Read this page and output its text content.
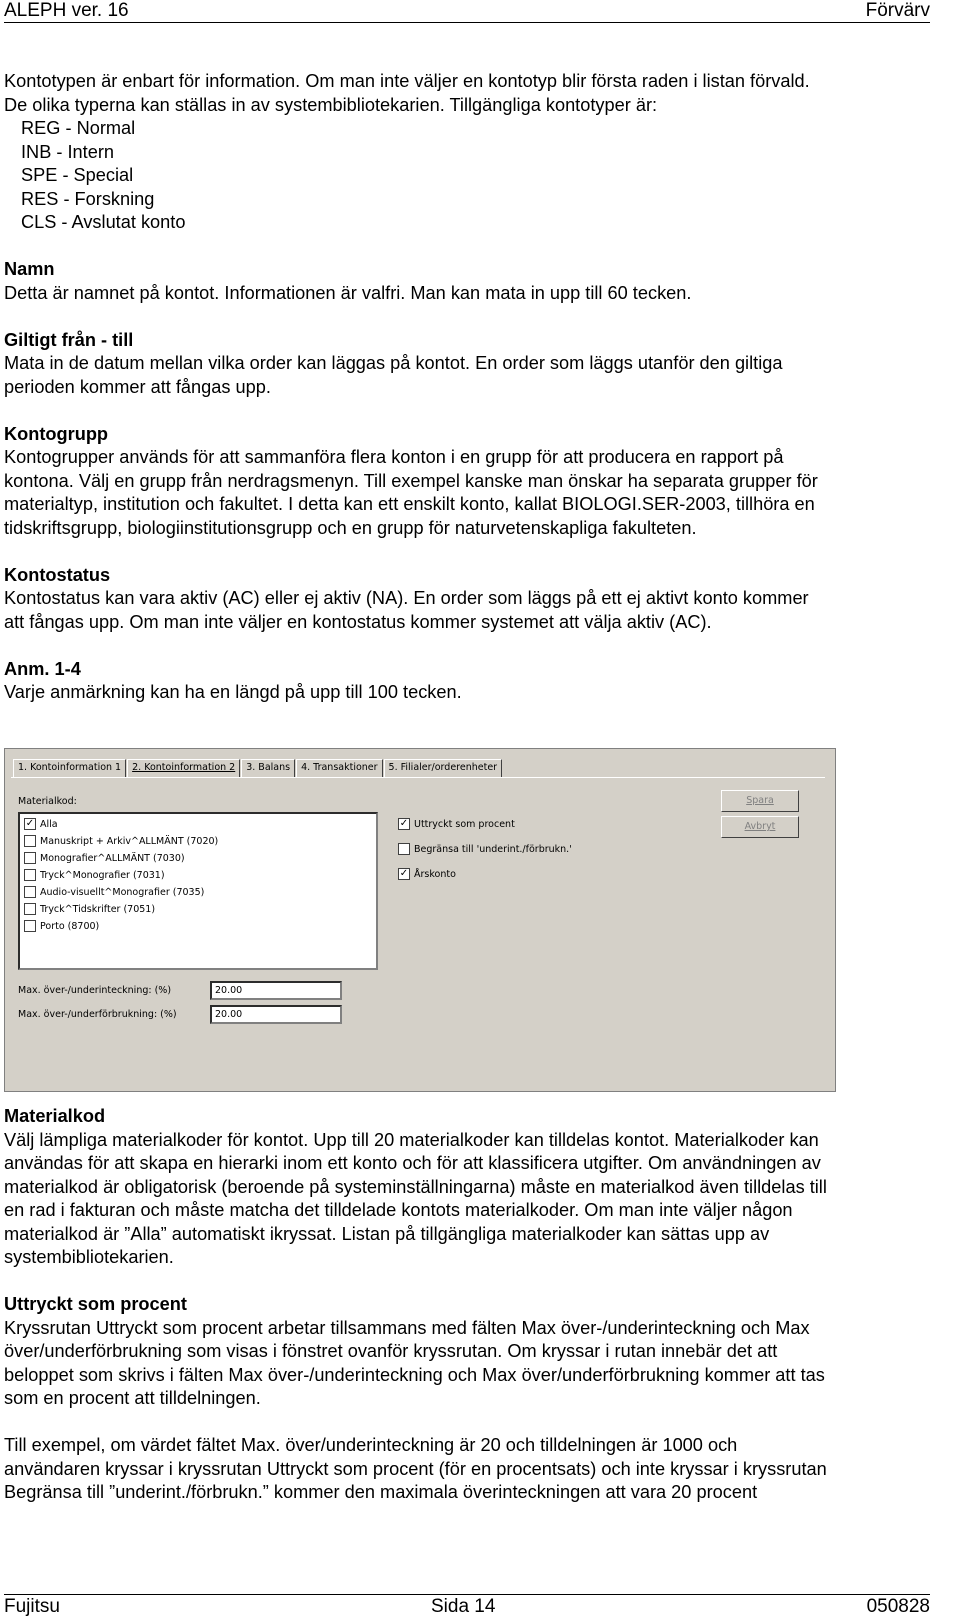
ALEPH ver. 16	Förvärv

Kontotypen är enbart för information. Om man inte väljer en kontotyp blir första raden i listan förvald.

De olika typerna kan ställas in av systembibliotekarien. Tillgängliga kontotyper är:

REG - Normal

INB - Intern

SPE - Special

RES - Forskning

CLS - Avslutat konto

Namn

Detta är namnet på kontot. Informationen är valfri. Man kan mata in upp till 60 tecken.

Giltigt från - till

Mata in de datum mellan vilka order kan läggas på kontot. En order som läggs utanför den giltiga

perioden kommer att fångas upp.

Kontogrupp

Kontogrupper används för att sammanföra flera konton i en grupp för att producera en rapport på

kontona. Välj en grupp från nerdragsmenyn. Till exempel kanske man önskar ha separata grupper för

materialtyp, institution och fakultet. I detta kan ett enskilt konto, kallat BIOLOGI.SER-2003, tillhöra en

tidskriftsgrupp, biologiinstitutionsgrupp och en grupp för naturvetenskapliga fakulteten.

Kontostatus

Kontostatus kan vara aktiv (AC) eller ej aktiv (NA). En order som läggs på ett ej aktivt konto kommer

att fångas upp. Om man inte väljer en kontostatus kommer systemet att välja aktiv (AC).

Anm. 1-4

Varje anmärkning kan ha en längd på upp till 100 tecken.

1. Kontoinformation 1	2. Kontoinformation 2	3. Balans	4. Transaktioner	5. Filialer/orderenheter
Materialkod:
✓ Alla
Manuskript + Arkiv^ALLMÄNT (7020)
Monografier^ALLMÄNT (7030)
Tryck^Monografier (7031)
Audio-visuellt^Monografier (7035)
Tryck^Tidskrifter (7051)
Porto (8700)
✓ Uttryckt som procent
Begränsa till 'underint./förbrukn.'
✓ Årskonto
Spara
Avbryt
Max. över-/underinteckning: (%)	20.00
Max. över-/underförbrukning: (%)	20.00

Materialkod

Välj lämpliga materialkoder för kontot. Upp till 20 materialkoder kan tilldelas kontot. Materialkoder kan

användas för att skapa en hierarki inom ett konto och för att klassificera utgifter. Om användningen av

materialkod är obligatorisk (beroende på systeminställningarna) måste en materialkod även tilldelas till

en rad i fakturan och måste matcha det tilldelade kontots materialkoder. Om man inte väljer någon

materialkod är ”Alla” automatiskt ikryssat. Listan på tillgängliga materialkoder kan sättas upp av

systembibliotekarien.

Uttryckt som procent

Kryssrutan Uttryckt som procent arbetar tillsammans med fälten Max över-/underinteckning och Max

över/underförbrukning som visas i fönstret ovanför kryssrutan. Om kryssar i rutan innebär det att

beloppet som skrivs i fälten Max över-/underinteckning och Max över/underförbrukning kommer att tas

som en procent att tilldelningen.

Till exempel, om värdet fältet Max. över/underinteckning är 20 och tilldelningen är 1000 och

användaren kryssar i kryssrutan Uttryckt som procent (för en procentsats) och inte kryssar i kryssrutan

Begränsa till ”underint./förbrukn.” kommer den maximala överinteckningen att vara 20 procent

Fujitsu	Sida 14	050828
